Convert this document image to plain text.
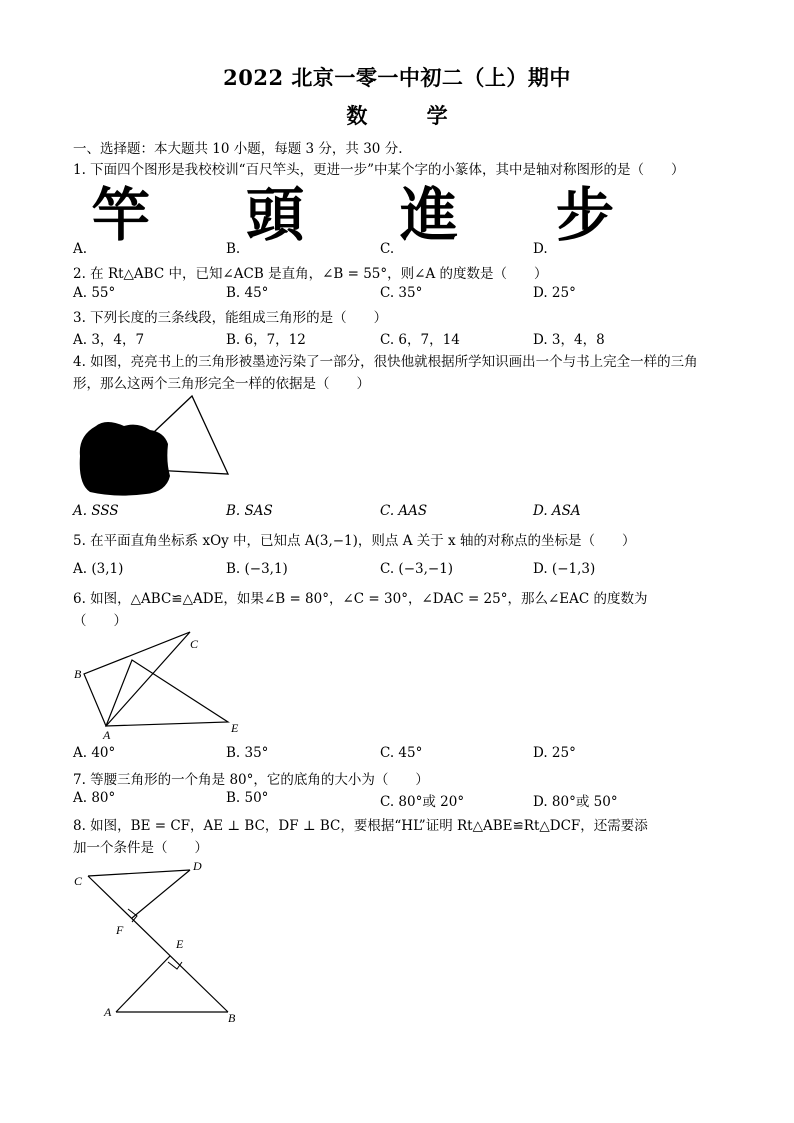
2022 北京一零一中初二（上）期中
数 学
一、选择题：本大题共 10 小题，每题 3 分，共 30 分.
1. 下面四个图形是我校校训“百尺竿头，更进一步”中某个字的小篆体，其中是轴对称图形的是（　　）
竿 頭 進 步
A.	B.	C.	D.
2. 在 Rt△ABC 中，已知∠ACB 是直角，∠B = 55°，则∠A 的度数是（　　）
A. 55°	B. 45°	C. 35°	D. 25°
3. 下列长度的三条线段，能组成三角形的是（　　）
A. 3，4，7	B. 6，7，12	C. 6，7，14	D. 3，4，8
4. 如图，亮亮书上的三角形被墨迹污染了一部分，很快他就根据所学知识画出一个与书上完全一样的三角
形，那么这两个三角形完全一样的依据是（　　）
A. SSS	B. SAS	C. AAS	D. ASA
5. 在平面直角坐标系 xOy 中，已知点 A(3,−1)，则点 A 关于 x 轴的对称点的坐标是（　　）
A. (3,1)	B. (−3,1)	C. (−3,−1)	D. (−1,3)
6. 如图，△ABC≌△ADE，如果∠B = 80°，∠C = 30°，∠DAC = 25°，那么∠EAC 的度数为
（　　）
C
B
A	E
A. 40°	B. 35°	C. 45°	D. 25°
7. 等腰三角形的一个角是 80°，它的底角的大小为（　　）
A. 80°	B. 50°	C. 80°或 20°	D. 80°或 50°
8. 如图，BE = CF，AE ⊥ BC，DF ⊥ BC，要根据“HL”证明 Rt△ABE≌Rt△DCF，还需要添
加一个条件是（　　）
C
D
F
E
A	B
